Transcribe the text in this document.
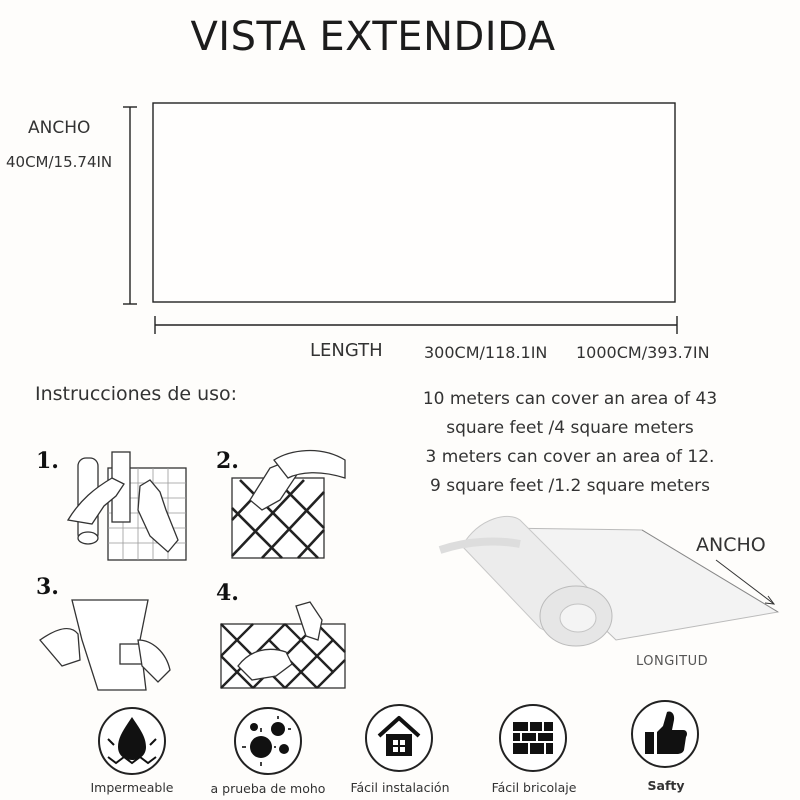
VISTA EXTENDIDA
ANCHO
40CM/15.74IN
LENGTH	300CM/118.1IN 1000CM/393.7IN
Instrucciones de uso:
1.	2.
3.	4.
10 meters can cover an area of 43
square feet /4 square meters
3 meters can cover an area of 12.
9 square feet /1.2 square meters
ANCHO
LONGITUD
Impermeable	a prueba de moho	Fácil instalación	Fácil bricolaje	Safty
